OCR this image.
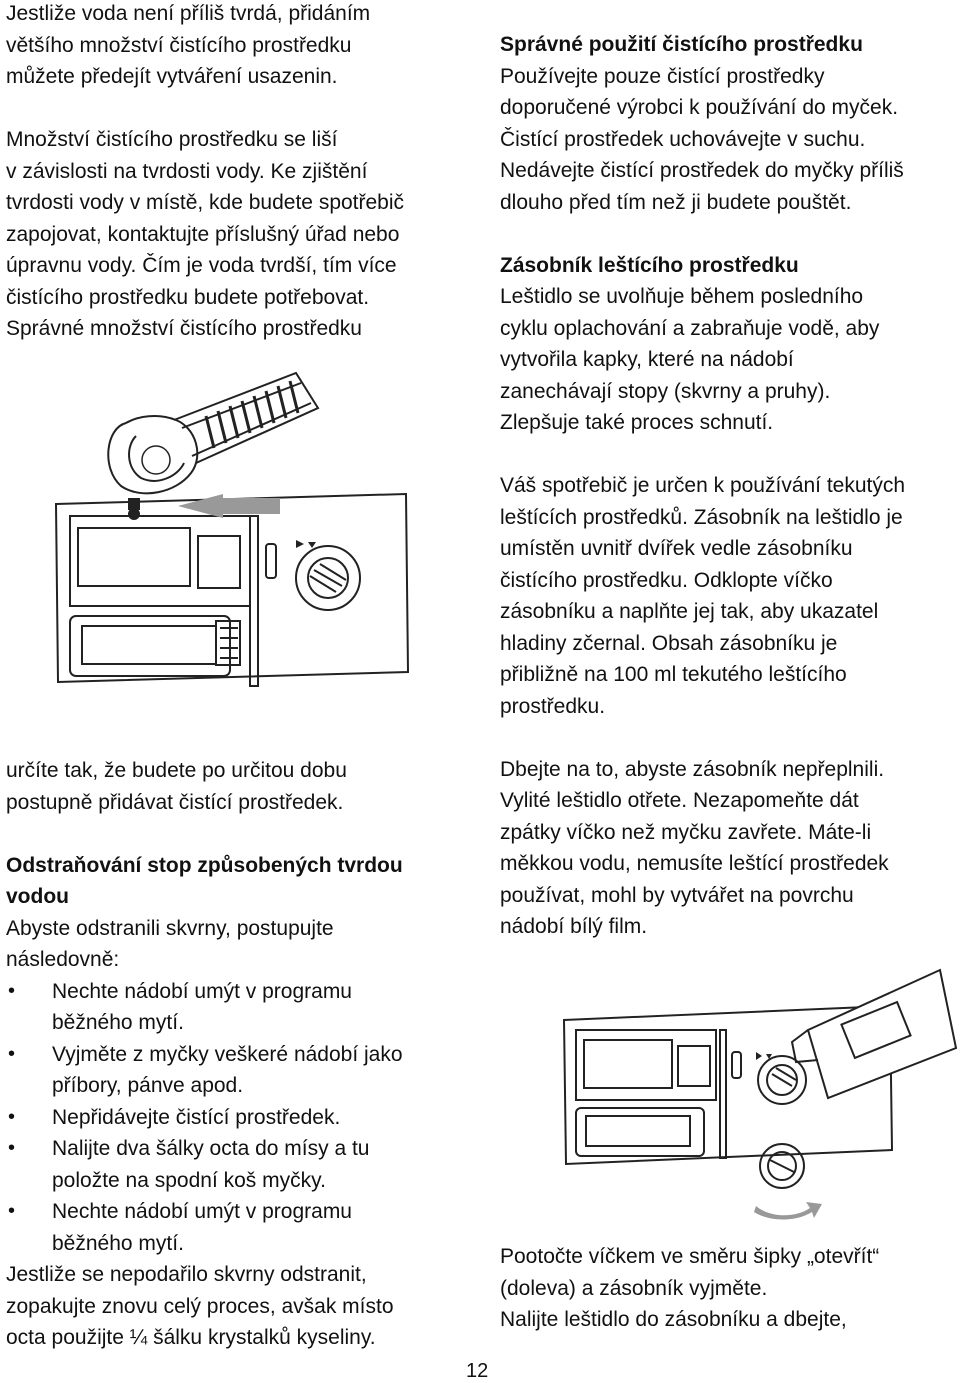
Jestliže voda není příliš tvrdá, přidáním

většího množství čistícího prostředku

můžete předejít vytváření usazenin.

Množství čistícího prostředku se liší

v závislosti na tvrdosti vody. Ke zjištění

tvrdosti vody v místě, kde budete spotřebič

zapojovat, kontaktujte příslušný úřad nebo

úpravnu vody. Čím je voda tvrdší, tím více

čistícího prostředku budete potřebovat.

Správné množství čistícího prostředku

určíte tak, že budete po určitou dobu

postupně přidávat čistící prostředek.

Odstraňování stop způsobených tvrdou

vodou

Abyste odstranili skvrny, postupujte

následovně:

• Nechte nádobí umýt v programu

běžného mytí.

• Vyjměte z myčky veškeré nádobí jako

příbory, pánve apod.

• Nepřidávejte čistící prostředek.

• Nalijte dva šálky octa do mísy a tu

položte na spodní koš myčky.

• Nechte nádobí umýt v programu

běžného mytí.

Jestliže se nepodařilo skvrny odstranit,

zopakujte znovu celý proces, avšak místo

octa použijte ¼ šálku krystalků kyseliny.

Správné použití čistícího prostředku

Používejte pouze čistící prostředky

doporučené výrobci k používání do myček.

Čistící prostředek uchovávejte v suchu.

Nedávejte čistící prostředek do myčky příliš

dlouho před tím než ji budete pouštět.

Zásobník leštícího prostředku

Leštidlo se uvolňuje během posledního

cyklu oplachování a zabraňuje vodě, aby

vytvořila kapky, které na nádobí

zanechávají stopy (skvrny a pruhy).

Zlepšuje také proces schnutí.

Váš spotřebič je určen k používání tekutých

leštících prostředků. Zásobník na leštidlo je

umístěn uvnitř dvířek vedle zásobníku

čistícího prostředku. Odklopte víčko

zásobníku a naplňte jej tak, aby ukazatel

hladiny zčernal. Obsah zásobníku je

přibližně na 100 ml tekutého leštícího

prostředku.

Dbejte na to, abyste zásobník nepřeplnili.

Vylité leštidlo otřete. Nezapomeňte dát

zpátky víčko než myčku zavřete. Máte-li

měkkou vodu, nemusíte leštící prostředek

používat, mohl by vytvářet na povrchu

nádobí bílý film.

Pootočte víčkem ve směru šipky „otevřít“

(doleva) a zásobník vyjměte.

Nalijte leštidlo do zásobníku a dbejte,

12
